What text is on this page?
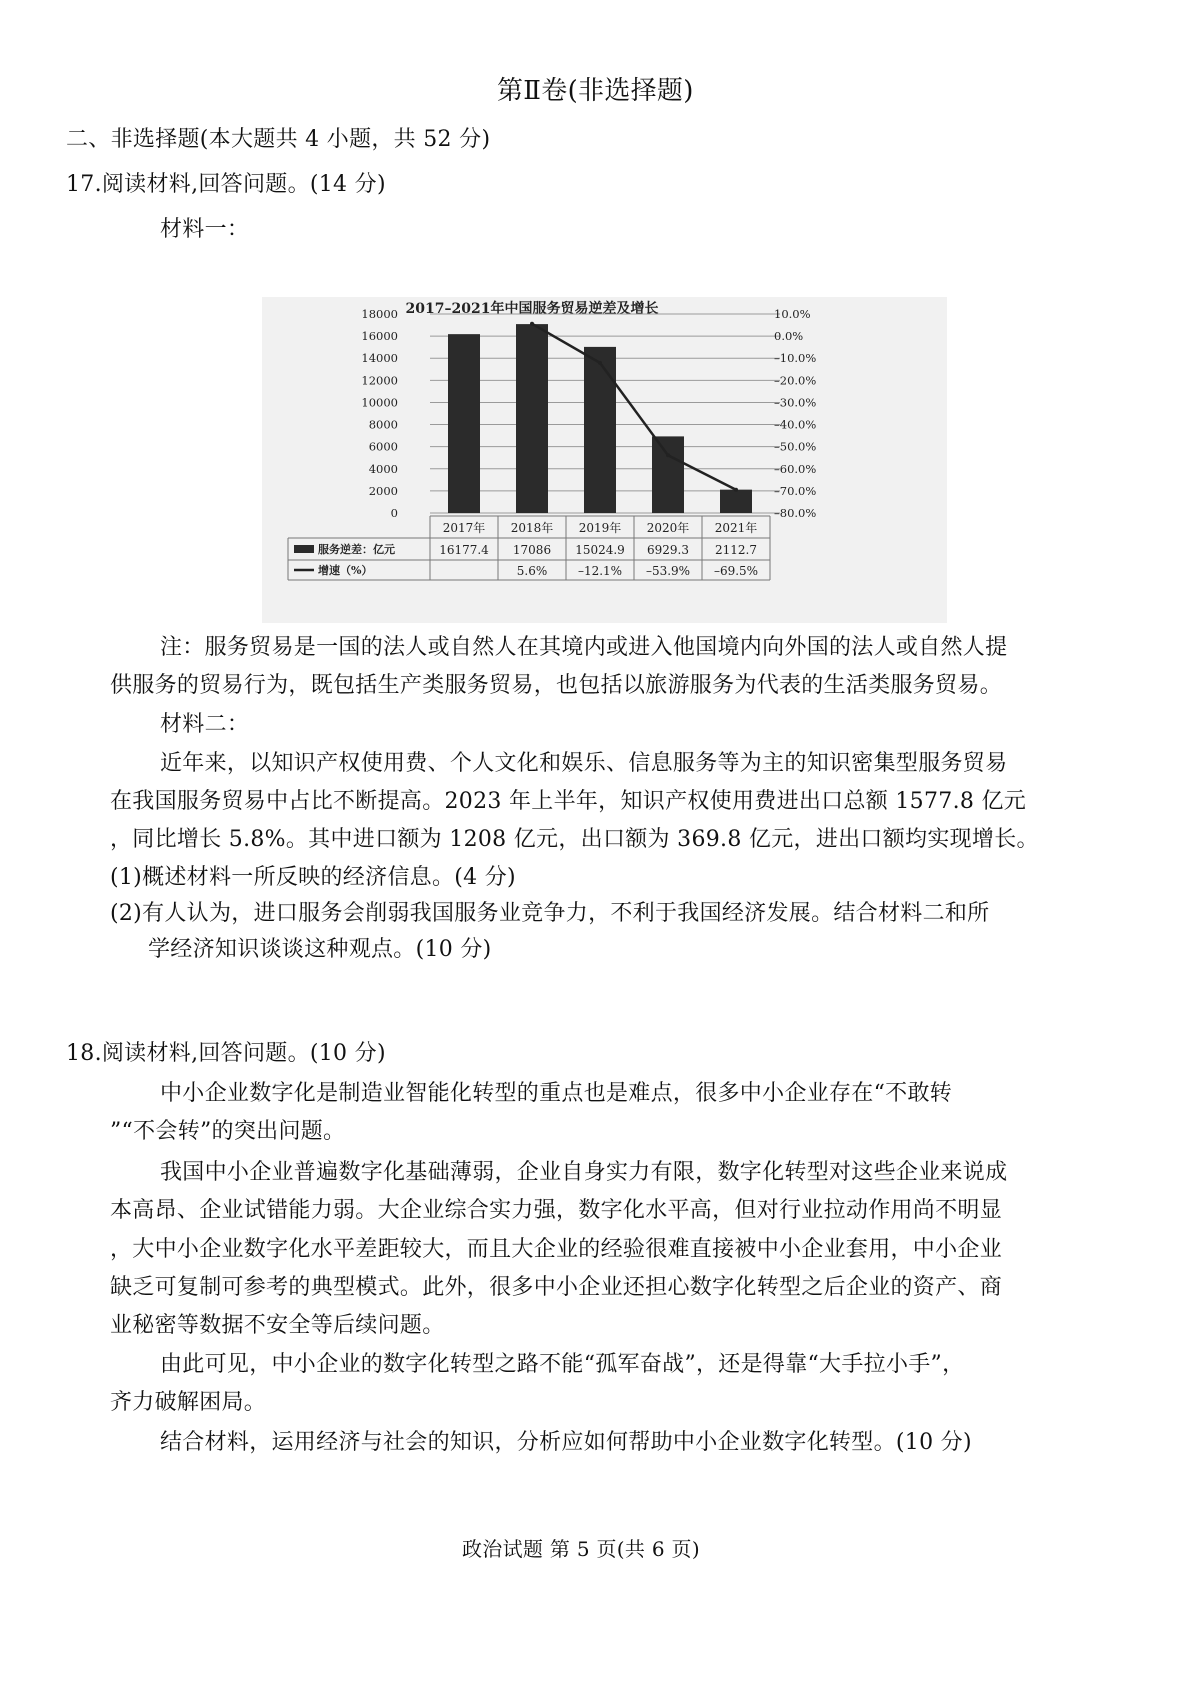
第Ⅱ卷(非选择题)
二、非选择题(本大题共 4 小题，共 52 分)
17.阅读材料,回答问题。(14 分)
材料一：
2017–2021年中国服务贸易逆差及增长
0
2000
4000
6000
8000
10000
12000
14000
16000
18000
–80.0%
–70.0%
–60.0%
–50.0%
–40.0%
–30.0%
–20.0%
–10.0%
0.0%
10.0%
2017年
16177.4
2018年
17086
5.6%
2019年
15024.9
–12.1%
2020年
6929.3
–53.9%
2021年
2112.7
–69.5%
服务逆差：亿元
增速（%）
注：服务贸易是一国的法人或自然人在其境内或进入他国境内向外国的法人或自然人提
供服务的贸易行为，既包括生产类服务贸易，也包括以旅游服务为代表的生活类服务贸易。
材料二：
近年来，以知识产权使用费、个人文化和娱乐、信息服务等为主的知识密集型服务贸易
在我国服务贸易中占比不断提高。2023 年上半年，知识产权使用费进出口总额 1577.8 亿元
，同比增长 5.8%。其中进口额为 1208 亿元，出口额为 369.8 亿元，进出口额均实现增长。
(1)概述材料一所反映的经济信息。(4 分)
(2)有人认为，进口服务会削弱我国服务业竞争力，不利于我国经济发展。结合材料二和所
学经济知识谈谈这种观点。(10 分)
18.阅读材料,回答问题。(10 分)
中小企业数字化是制造业智能化转型的重点也是难点，很多中小企业存在“不敢转
”“不会转”的突出问题。
我国中小企业普遍数字化基础薄弱，企业自身实力有限，数字化转型对这些企业来说成
本高昂、企业试错能力弱。大企业综合实力强，数字化水平高，但对行业拉动作用尚不明显
，大中小企业数字化水平差距较大，而且大企业的经验很难直接被中小企业套用，中小企业
缺乏可复制可参考的典型模式。此外，很多中小企业还担心数字化转型之后企业的资产、商
业秘密等数据不安全等后续问题。
由此可见，中小企业的数字化转型之路不能“孤军奋战”，还是得靠“大手拉小手”，
齐力破解困局。
结合材料，运用经济与社会的知识，分析应如何帮助中小企业数字化转型。(10 分)
政治试题 第 5 页(共 6 页)
